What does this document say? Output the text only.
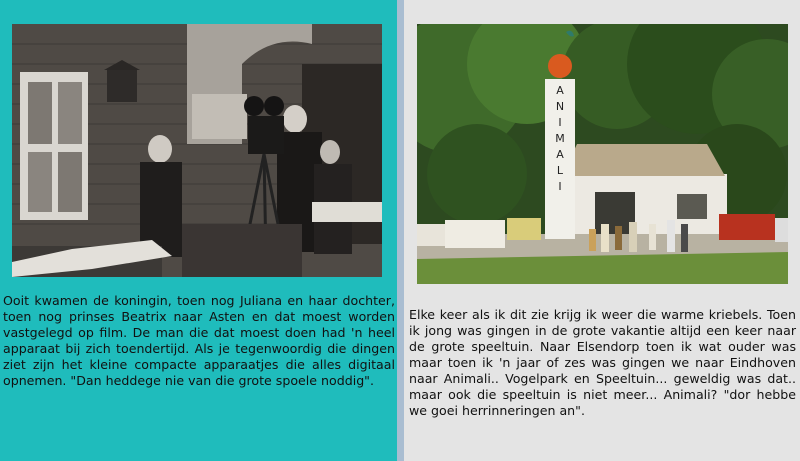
A
N
I
M
A
L
I

Ooit kwamen de koningin, toen nog Juliana en haar dochter, toen nog prinses Beatrix naar Asten en dat moest worden vastgelegd op film. De man die dat moest doen had 'n heel apparaat bij zich toendertijd. Als je tegenwoordig die dingen ziet zijn het kleine compacte apparaatjes die alles digitaal opnemen. "Dan heddege nie van die grote spoele noddig".

Elke keer als ik dit zie krijg ik weer die warme kriebels. Toen ik jong was gingen in de grote vakantie altijd een keer naar de grote speeltuin. Naar Elsendorp toen ik wat ouder was maar toen ik 'n jaar of zes was gingen we naar Eindhoven naar Animali.. Vogelpark en Speeltuin... geweldig was dat.. maar ook die speeltuin is niet meer... Animali? "dor hebbe we goei herrinneringen an".
